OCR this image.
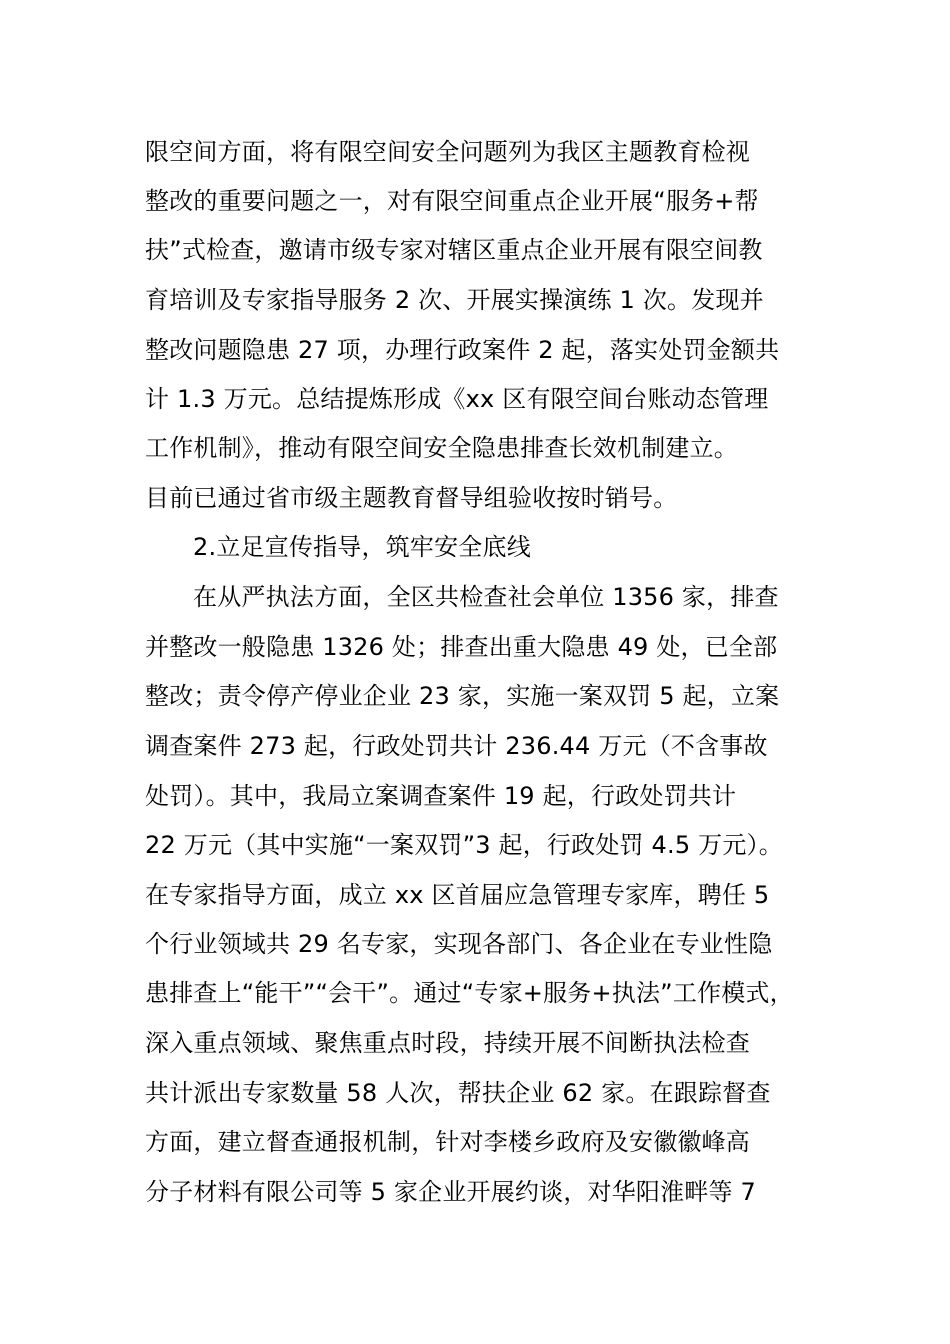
限空间方面，将有限空间安全问题列为我区主题教育检视
整改的重要问题之一，对有限空间重点企业开展“服务+帮
扶”式检查，邀请市级专家对辖区重点企业开展有限空间教
育培训及专家指导服务 2 次、开展实操演练 1 次。发现并
整改问题隐患 27 项，办理行政案件 2 起，落实处罚金额共
计 1.3 万元。总结提炼形成《xx 区有限空间台账动态管理
工作机制》，推动有限空间安全隐患排查长效机制建立。
目前已通过省市级主题教育督导组验收按时销号。
2.立足宣传指导，筑牢安全底线
在从严执法方面，全区共检查社会单位 1356 家，排查
并整改一般隐患 1326 处；排查出重大隐患 49 处，已全部
整改；责令停产停业企业 23 家，实施一案双罚 5 起，立案
调查案件 273 起，行政处罚共计 236.44 万元（不含事故
处罚）。其中，我局立案调查案件 19 起，行政处罚共计
22 万元（其中实施“一案双罚”3 起，行政处罚 4.5 万元）。
在专家指导方面，成立 xx 区首届应急管理专家库，聘任 5
个行业领域共 29 名专家，实现各部门、各企业在专业性隐
患排查上“能干”“会干”。通过“专家+服务+执法”工作模式，
深入重点领域、聚焦重点时段，持续开展不间断执法检查
共计派出专家数量 58 人次，帮扶企业 62 家。在跟踪督查
方面，建立督查通报机制，针对李楼乡政府及安徽徽峰高
分子材料有限公司等 5 家企业开展约谈，对华阳淮畔等 7
